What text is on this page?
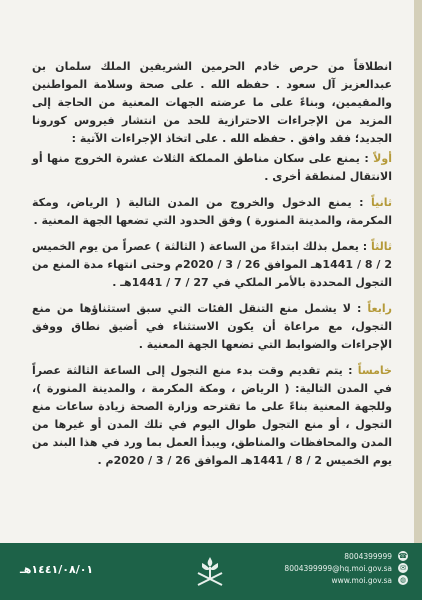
انطلاقاً من حرص خادم الحرمين الشريفين الملك سلمان بن عبدالعزيز آل سعود . حفظه الله . على صحة وسلامة المواطنين والمقيمين، وبناءً على ما عرضته الجهات المعنية من الحاجة إلى المزيد من الإجراءات الاحترازية للحد من انتشار فيروس كورونا الجديد؛ فقد وافق . حفظه الله . على اتخاذ الإجراءات الآتية :

أولاً : يمنع على سكان مناطق المملكة الثلاث عشرة الخروج منها أو الانتقال لمنطقة أخرى .

ثانياً : يمنع الدخول والخروج من المدن التالية ( الرياض، ومكة المكرمة، والمدينة المنورة ) وفق الحدود التي تضعها الجهة المعنية .

ثالثاً : يعمل بذلك ابتداءً من الساعة ( الثالثة ) عصراً من يوم الخميس 2 / 8 / 1441هـ الموافق 26 / 3 / 2020م وحتى انتهاء مدة المنع من التجول المحددة بالأمر الملكي في 27 / 7 / 1441هـ .

رابعاً : لا يشمل منع التنقل الفئات التي سبق استثناؤها من منع التجول، مع مراعاة أن يكون الاستثناء في أضيق نطاق ووفق الإجراءات والضوابط التي تضعها الجهة المعنية .

خامساً : يتم تقديم وقت بدء منع التجول إلى الساعة الثالثة عصراً في المدن التالية: ( الرياض ، ومكة المكرمة ، والمدينة المنورة )، وللجهة المعنية بناءً على ما تقترحه وزارة الصحة زيادة ساعات منع التجول ، أو منع التجول طوال اليوم في تلك المدن أو غيرها من المدن والمحافظات والمناطق، ويبدأ العمل بما ورد في هذا البند من يوم الخميس 2 / 8 / 1441هـ الموافق 26 / 3 / 2020م .

١٤٤١/٠٨/٠١هـ
8004399999 ☎
8004399999@hq.moi.gov.sa ✉
www.moi.gov.sa ◍
